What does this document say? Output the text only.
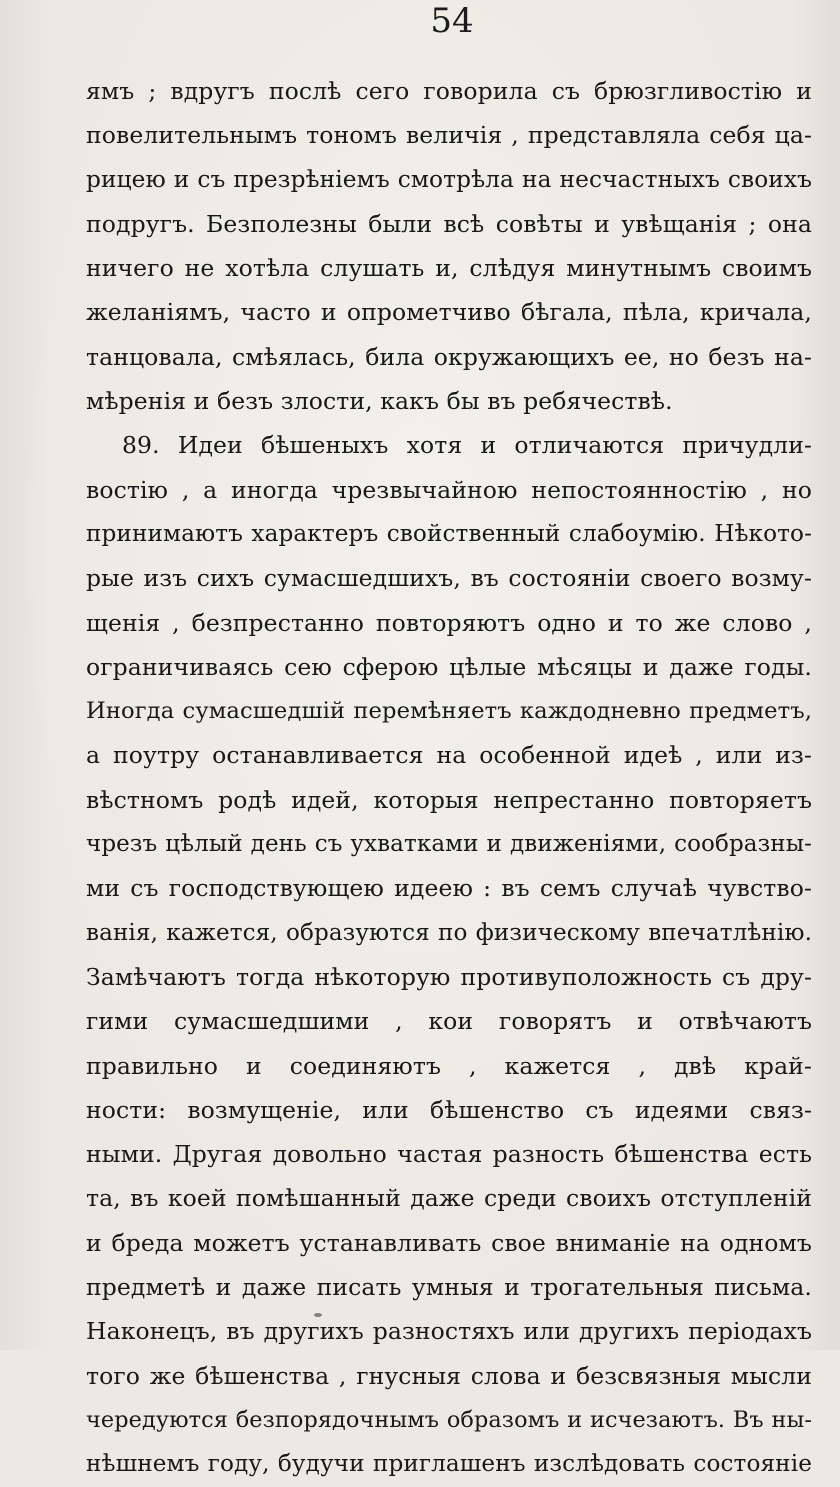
54
ямъ ; вдругъ послѣ сего говорила съ брюзгливостію и
повелительнымъ тономъ величія , представляла себя ца-
рицею и съ презрѣніемъ смотрѣла на несчастныхъ своихъ
подругъ. Безполезны были всѣ совѣты и увѣщанія ; она
ничего не хотѣла слушать и, слѣдуя минутнымъ своимъ
желаніямъ, часто и опрометчиво бѣгала, пѣла, кричала,
танцовала, смѣялась, била окружающихъ ее, но безъ на-
мѣренія и безъ злости, какъ бы въ ребячествѣ.
89. Идеи бѣшеныхъ хотя и отличаются причудли-
востію , а иногда чрезвычайною непостоянностію , но
принимаютъ характеръ свойственный слабоумію. Нѣкото-
рые изъ сихъ сумасшедшихъ, въ состояніи своего возму-
щенія , безпрестанно повторяютъ одно и то же слово ,
ограничиваясь сею сферою цѣлые мѣсяцы и даже годы.
Иногда сумасшедшій перемѣняетъ каждодневно предметъ,
а поутру останавливается на особенной идеѣ , или из-
вѣстномъ родѣ идей, которыя непрестанно повторяетъ
чрезъ цѣлый день съ ухватками и движеніями, сообразны-
ми съ господствующею идеею : въ семъ случаѣ чувство-
ванія, кажется, образуются по физическому впечатлѣнію.
Замѣчаютъ тогда нѣкоторую противуположность съ дру-
гими сумасшедшими , кои говорятъ и отвѣчаютъ
правильно и соединяютъ , кажется , двѣ край-
ности: возмущеніе, или бѣшенство съ идеями связ-
ными. Другая довольно частая разность бѣшенства есть
та, въ коей помѣшанный даже среди своихъ отступленій
и бреда можетъ устанавливать свое вниманіе на одномъ
предметѣ и даже писать умныя и трогательныя письма.
Наконецъ, въ другихъ разностяхъ или другихъ періодахъ
того же бѣшенства , гнусныя слова и безсвязныя мысли
чередуются безпорядочнымъ образомъ и исчезаютъ. Въ ны-
нѣшнемъ году, будучи приглашенъ изслѣдовать состояніе
